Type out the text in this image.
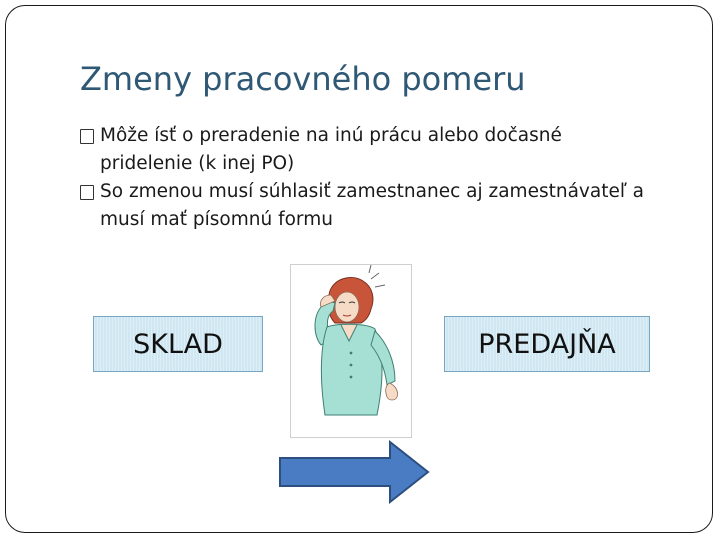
Zmeny pracovného pomeru
Môže ísť o preradenie na inú prácu alebo dočasné pridelenie (k inej PO)
So zmenou musí súhlasiť zamestnanec aj zamestnávateľ a musí mať písomnú formu
SKLAD	PREDAJŇA
